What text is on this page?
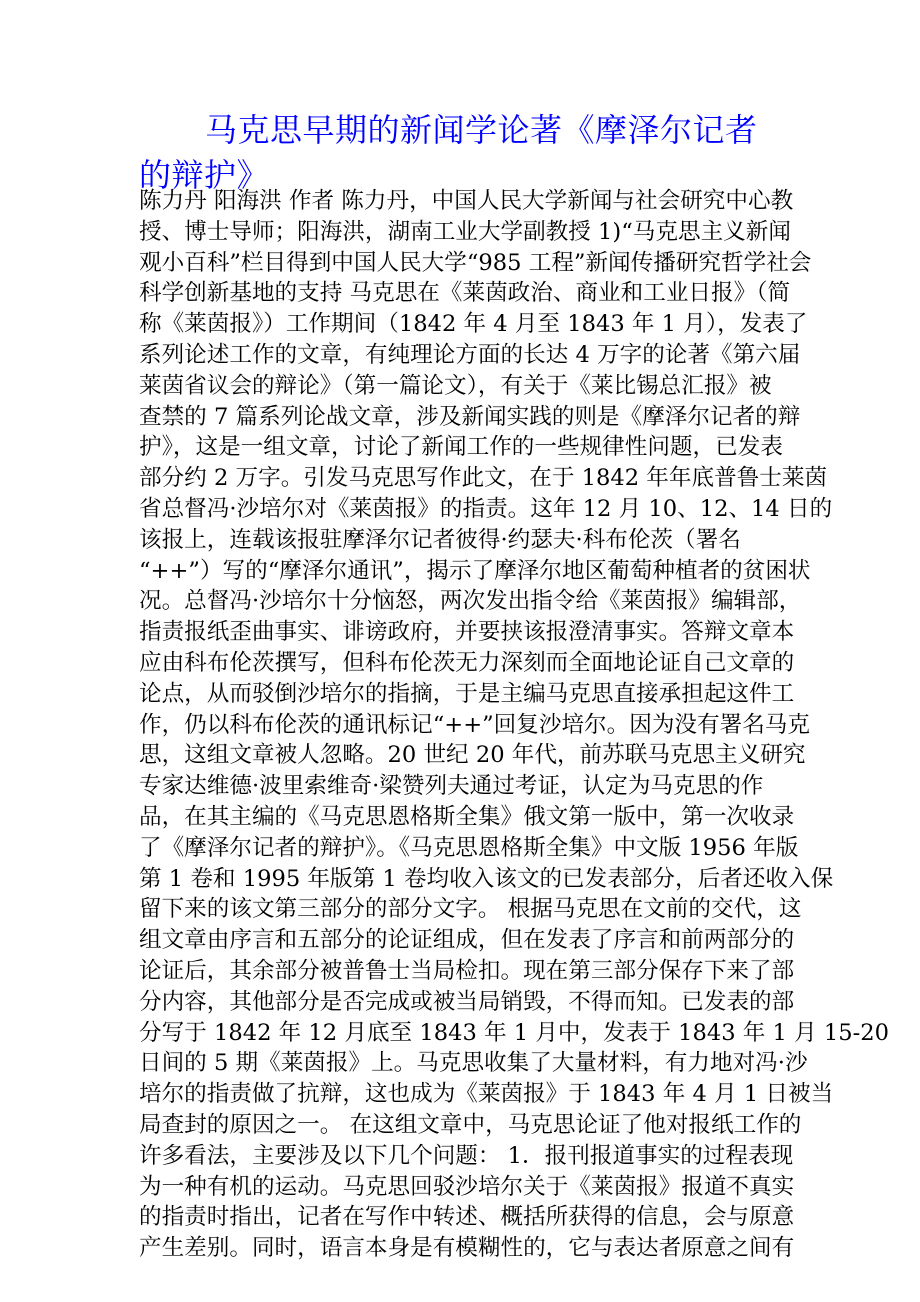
马克思早期的新闻学论著《摩泽尔记者的辩护》
陈力丹 阳海洪 作者 陈力丹，中国人民大学新闻与社会研究中心教
授、博士导师；阳海洪，湖南工业大学副教授 1)“马克思主义新闻
观小百科”栏目得到中国人民大学“985 工程”新闻传播研究哲学社会
科学创新基地的支持 马克思在《莱茵政治、商业和工业日报》（简
称《莱茵报》）工作期间（1842 年 4 月至 1843 年 1 月），发表了
系列论述工作的文章，有纯理论方面的长达 4 万字的论著《第六届
莱茵省议会的辩论》（第一篇论文），有关于《莱比锡总汇报》被
查禁的 7 篇系列论战文章，涉及新闻实践的则是《摩泽尔记者的辩
护》，这是一组文章，讨论了新闻工作的一些规律性问题，已发表
部分约 2 万字。引发马克思写作此文，在于 1842 年年底普鲁士莱茵
省总督冯·沙培尔对《莱茵报》的指责。这年 12 月 10、12、14 日的
该报上，连载该报驻摩泽尔记者彼得·约瑟夫·科布伦茨（署名
“++”）写的“摩泽尔通讯”，揭示了摩泽尔地区葡萄种植者的贫困状
况。总督冯·沙培尔十分恼怒，两次发出指令给《莱茵报》编辑部，
指责报纸歪曲事实、诽谤政府，并要挟该报澄清事实。答辩文章本
应由科布伦茨撰写，但科布伦茨无力深刻而全面地论证自己文章的
论点，从而驳倒沙培尔的指摘，于是主编马克思直接承担起这件工
作，仍以科布伦茨的通讯标记“++”回复沙培尔。因为没有署名马克
思，这组文章被人忽略。20 世纪 20 年代，前苏联马克思主义研究
专家达维德·波里索维奇·梁赞列夫通过考证，认定为马克思的作
品，在其主编的《马克思恩格斯全集》俄文第一版中，第一次收录
了《摩泽尔记者的辩护》。《马克思恩格斯全集》中文版 1956 年版
第 1 卷和 1995 年版第 1 卷均收入该文的已发表部分，后者还收入保
留下来的该文第三部分的部分文字。 根据马克思在文前的交代，这
组文章由序言和五部分的论证组成，但在发表了序言和前两部分的
论证后，其余部分被普鲁士当局检扣。现在第三部分保存下来了部
分内容，其他部分是否完成或被当局销毁，不得而知。已发表的部
分写于 1842 年 12 月底至 1843 年 1 月中，发表于 1843 年 1 月 15-20
日间的 5 期《莱茵报》上。马克思收集了大量材料，有力地对冯·沙
培尔的指责做了抗辩，这也成为《莱茵报》于 1843 年 4 月 1 日被当
局查封的原因之一。 在这组文章中，马克思论证了他对报纸工作的
许多看法，主要涉及以下几个问题： 1．报刊报道事实的过程表现
为一种有机的运动。马克思回驳沙培尔关于《莱茵报》报道不真实
的指责时指出，记者在写作中转述、概括所获得的信息，会与原意
产生差别。同时，语言本身是有模糊性的，它与表达者原意之间有
